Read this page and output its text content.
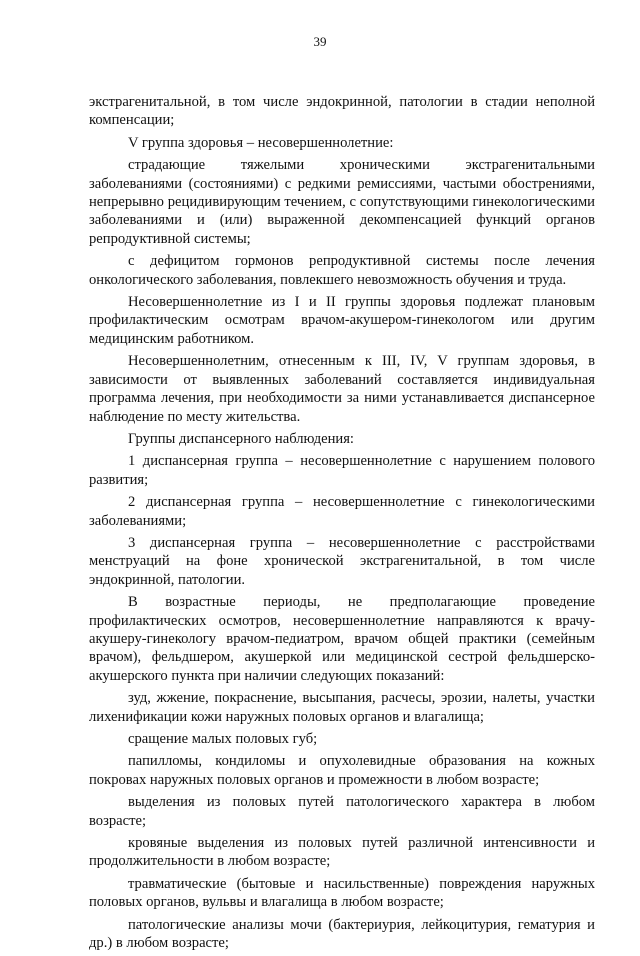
39

экстрагенитальной, в том числе эндокринной, патологии в стадии неполной компенсации;

V группа здоровья – несовершеннолетние:

страдающие тяжелыми хроническими экстрагенитальными заболеваниями (состояниями) с редкими ремиссиями, частыми обострениями, непрерывно рецидивирующим течением, с сопутствующими гинекологическими заболеваниями и (или) выраженной декомпенсацией функций органов репродуктивной системы;

с дефицитом гормонов репродуктивной системы после лечения онкологического заболевания, повлекшего невозможность обучения и труда.

Несовершеннолетние из I и II группы здоровья подлежат плановым профилактическим осмотрам врачом-акушером-гинекологом или другим медицинским работником.

Несовершеннолетним, отнесенным к III, IV, V группам здоровья, в зависимости от выявленных заболеваний составляется индивидуальная программа лечения, при необходимости за ними устанавливается диспансерное наблюдение по месту жительства.

Группы диспансерного наблюдения:

1 диспансерная группа – несовершеннолетние с нарушением полового развития;

2 диспансерная группа – несовершеннолетние с гинекологическими заболеваниями;

3 диспансерная группа – несовершеннолетние с расстройствами менструаций на фоне хронической экстрагенитальной, в том числе эндокринной, патологии.

В возрастные периоды, не предполагающие проведение профилактических осмотров, несовершеннолетние направляются к врачу-акушеру-гинекологу врачом-педиатром, врачом общей практики (семейным врачом), фельдшером, акушеркой или медицинской сестрой фельдшерско-акушерского пункта при наличии следующих показаний:

зуд, жжение, покраснение, высыпания, расчесы, эрозии, налеты, участки лихенификации кожи наружных половых органов и влагалища;

сращение малых половых губ;

папилломы, кондиломы и опухолевидные образования на кожных покровах наружных половых органов и промежности в любом возрасте;

выделения из половых путей патологического характера в любом возрасте;

кровяные выделения из половых путей различной интенсивности и продолжительности в любом возрасте;

травматические (бытовые и насильственные) повреждения наружных половых органов, вульвы и влагалища в любом возрасте;

патологические анализы мочи (бактериурия, лейкоцитурия, гематурия и др.) в любом возрасте;
